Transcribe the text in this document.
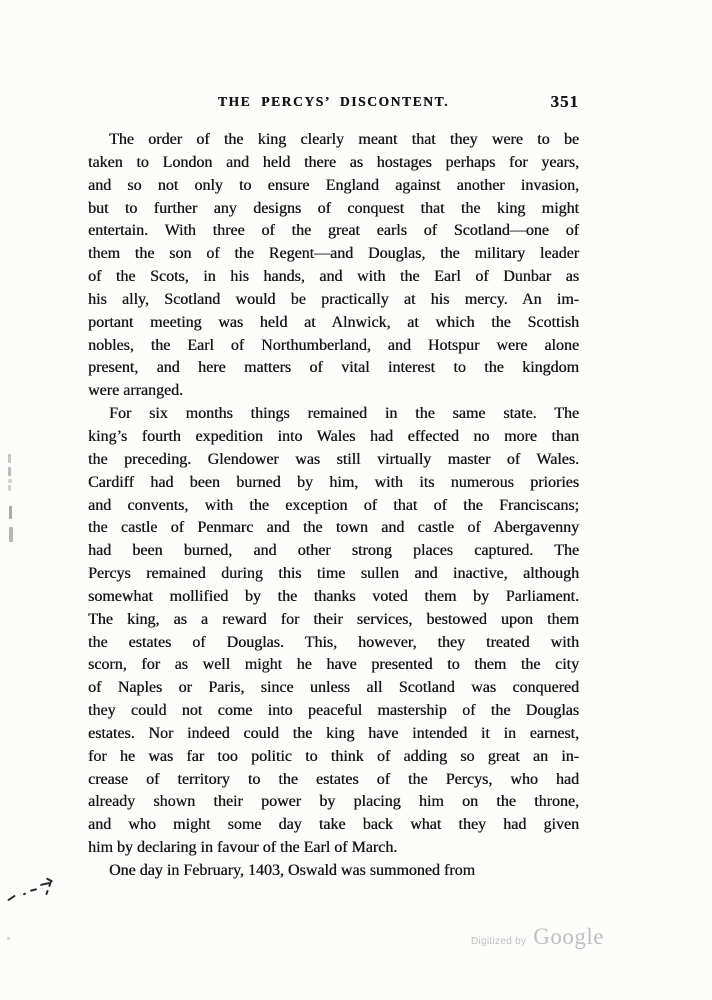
THE PERCYS’ DISCONTENT.	351
The order of the king clearly meant that they were to be
taken to London and held there as hostages perhaps for years,
and so not only to ensure England against another invasion,
but to further any designs of conquest that the king might
entertain. With three of the great earls of Scotland—one of
them the son of the Regent—and Douglas, the military leader
of the Scots, in his hands, and with the Earl of Dunbar as
his ally, Scotland would be practically at his mercy. An im-
portant meeting was held at Alnwick, at which the Scottish
nobles, the Earl of Northumberland, and Hotspur were alone
present, and here matters of vital interest to the kingdom
were arranged.
For six months things remained in the same state. The
king’s fourth expedition into Wales had effected no more than
the preceding. Glendower was still virtually master of Wales.
Cardiff had been burned by him, with its numerous priories
and convents, with the exception of that of the Franciscans;
the castle of Penmarc and the town and castle of Abergavenny
had been burned, and other strong places captured. The
Percys remained during this time sullen and inactive, although
somewhat mollified by the thanks voted them by Parliament.
The king, as a reward for their services, bestowed upon them
the estates of Douglas. This, however, they treated with
scorn, for as well might he have presented to them the city
of Naples or Paris, since unless all Scotland was conquered
they could not come into peaceful mastership of the Douglas
estates. Nor indeed could the king have intended it in earnest,
for he was far too politic to think of adding so great an in-
crease of territory to the estates of the Percys, who had
already shown their power by placing him on the throne,
and who might some day take back what they had given
him by declaring in favour of the Earl of March.
One day in February, 1403, Oswald was summoned from
Digitized by Google
